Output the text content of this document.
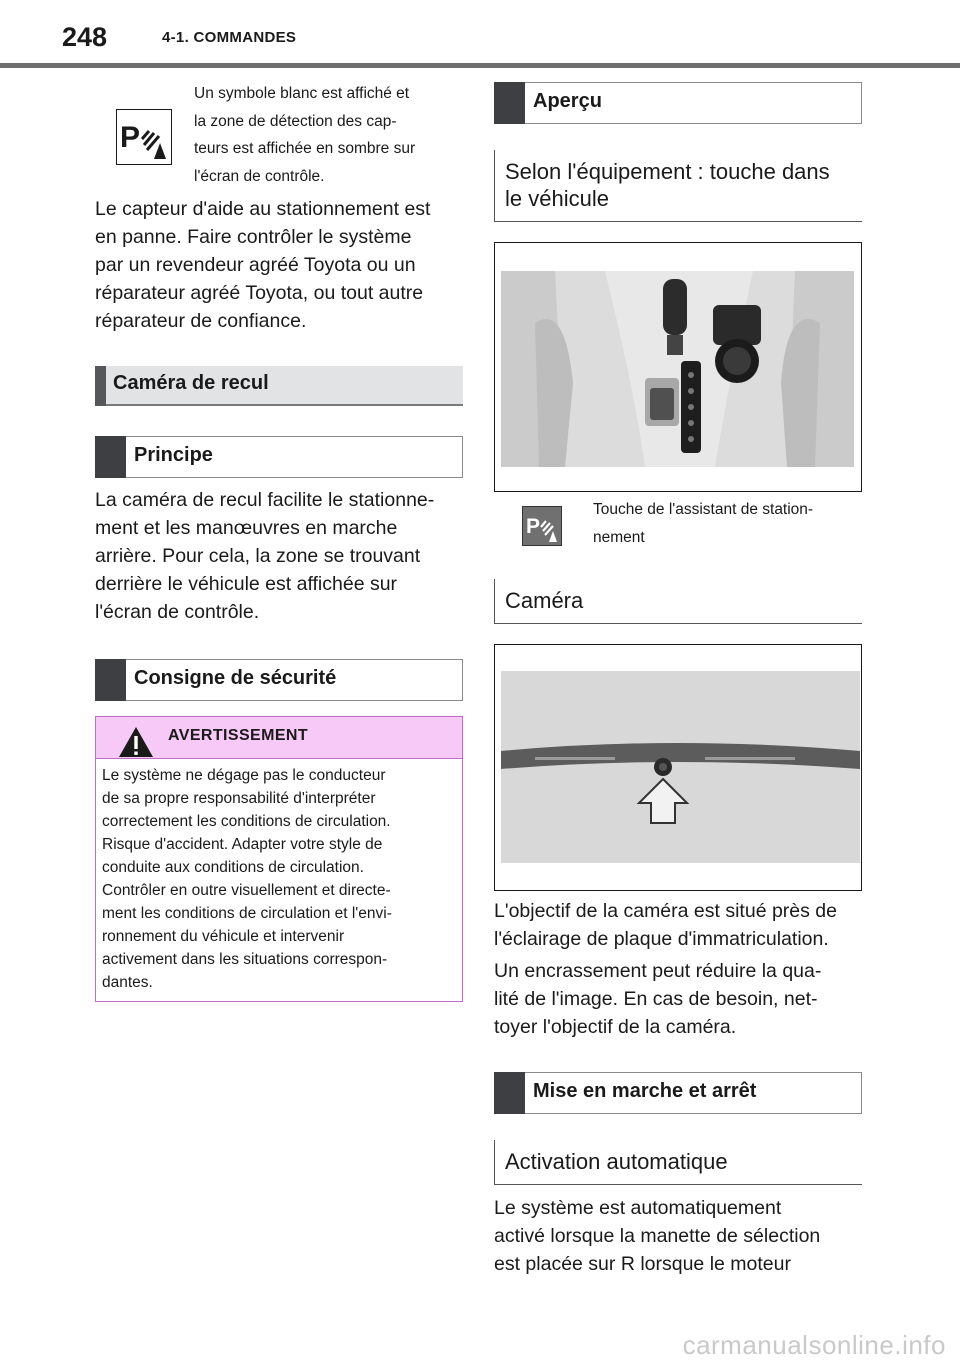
248	4-1. COMMANDES
P
Un symbole blanc est affiché et
la zone de détection des cap-
teurs est affichée en sombre sur
l'écran de contrôle.
Le capteur d'aide au stationnement est
en panne. Faire contrôler le système
par un revendeur agréé Toyota ou un
réparateur agréé Toyota, ou tout autre
réparateur de confiance.
Caméra de recul
Principe
La caméra de recul facilite le stationne-
ment et les manœuvres en marche
arrière. Pour cela, la zone se trouvant
derrière le véhicule est affichée sur
l'écran de contrôle.
Consigne de sécurité
AVERTISSEMENT
Le système ne dégage pas le conducteur
de sa propre responsabilité d'interpréter
correctement les conditions de circulation.
Risque d'accident. Adapter votre style de
conduite aux conditions de circulation.
Contrôler en outre visuellement et directe-
ment les conditions de circulation et l'envi-
ronnement du véhicule et intervenir
activement dans les situations correspon-
dantes.
Aperçu
Selon l'équipement : touche dans
le véhicule
P
Touche de l'assistant de station-
nement
Caméra
L'objectif de la caméra est situé près de
l'éclairage de plaque d'immatriculation.
Un encrassement peut réduire la qua-
lité de l'image. En cas de besoin, net-
toyer l'objectif de la caméra.
Mise en marche et arrêt
Activation automatique
Le système est automatiquement
activé lorsque la manette de sélection
est placée sur R lorsque le moteur
carmanualsonline.info
